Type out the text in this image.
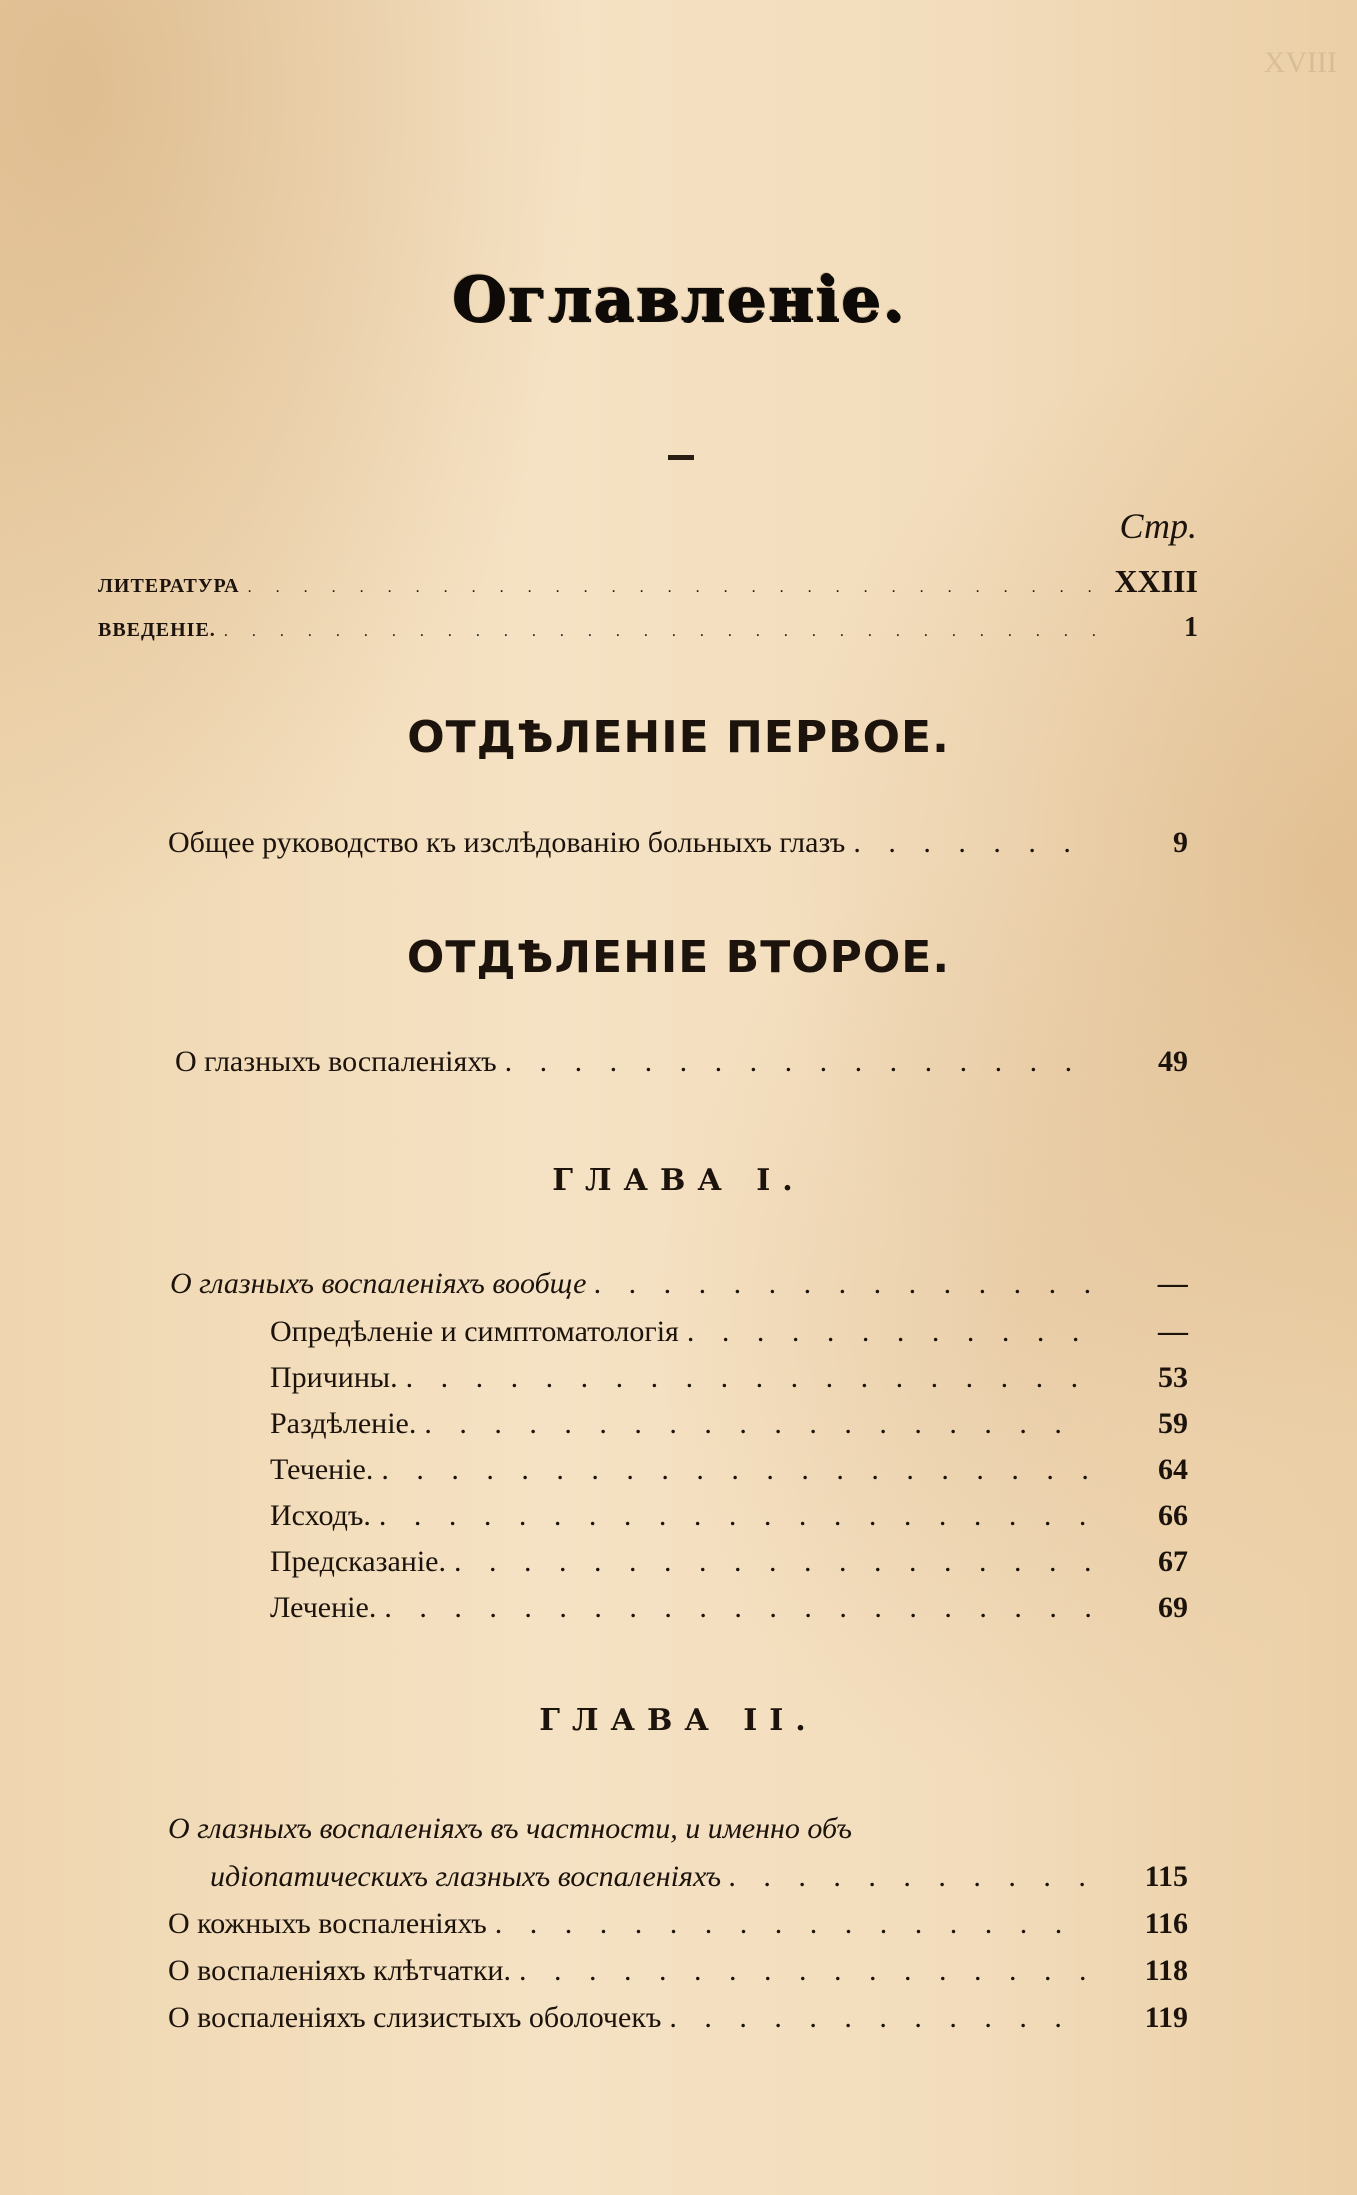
XVIII
Оглавленіе.
Стр.
ЛИТЕРАТУРА . . .	XXIII
ВВЕДЕНІЕ. . . .	1
ОТДѢЛЕНІЕ ПЕРВОЕ.
Общее руководство къ изслѣдованію больныхъ глазъ . . .	9
ОТДѢЛЕНІЕ ВТОРОЕ.
О глазныхъ воспаленіяхъ . . .	49
ГЛАВА I.
О глазныхъ воспаленіяхъ вообще . . .	—
Опредѣленіе и симптоматологія . . .	—
Причины. . . .	53
Раздѣленіе. . . .	59
Теченіе. . . .	64
Исходъ. . . .	66
Предсказаніе. . . .	67
Леченіе. . . .	69
ГЛАВА II.
О глазныхъ воспаленіяхъ въ частности, и именно объ
идіопатическихъ глазныхъ воспаленіяхъ . . .	115
О кожныхъ воспаленіяхъ . . .	116
О воспаленіяхъ клѣтчатки. . . .	118
О воспаленіяхъ слизистыхъ оболочекъ . . .	119
